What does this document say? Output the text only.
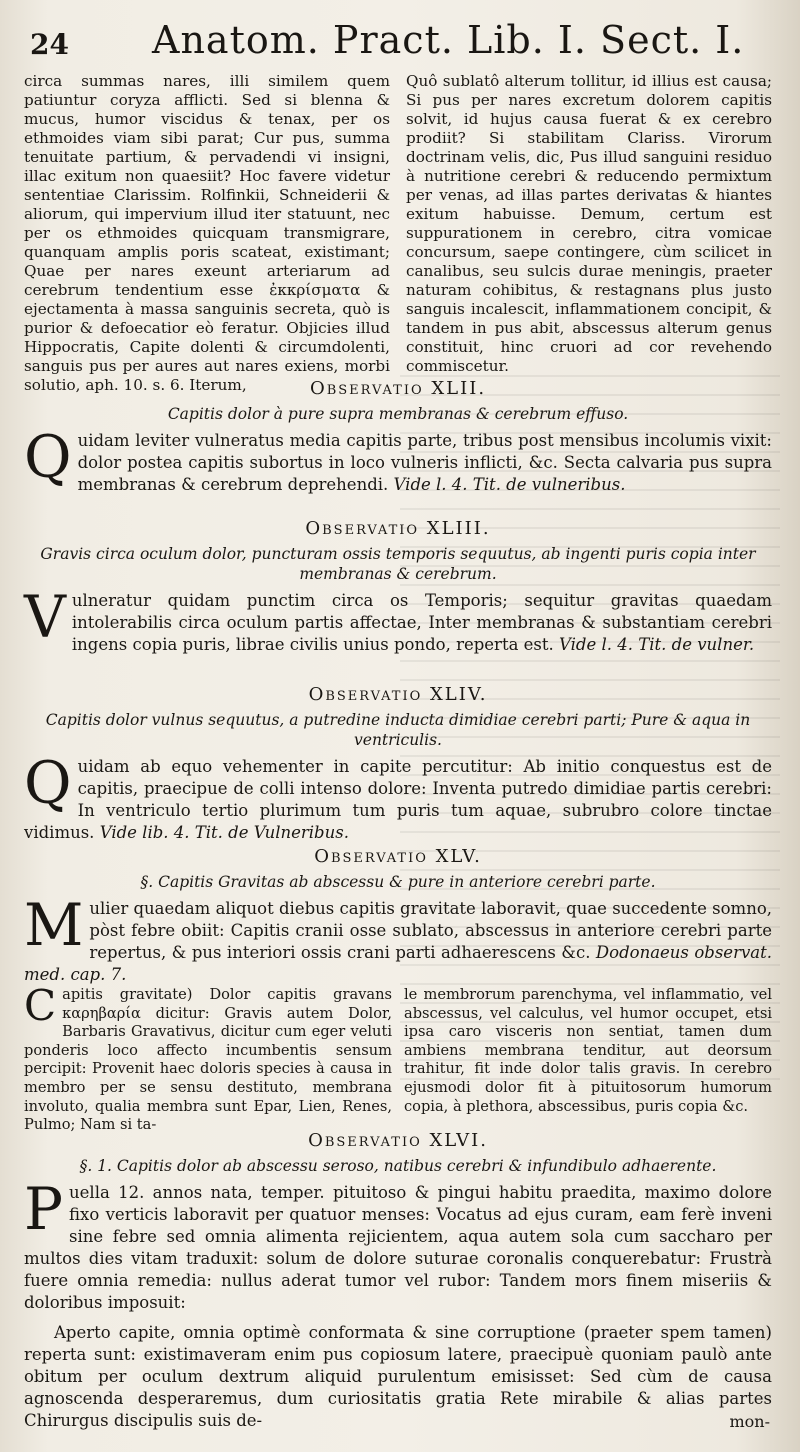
24 Anatom. Pract. Lib. I. Sect. I.

circa summas nares, illi similem quem patiuntur coryza afflicti. Sed si blenna & mucus, humor viscidus & tenax, per os ethmoides viam sibi parat; Cur pus, summa tenuitate partium, & pervadendi vi insigni, illac exitum non quaesiit? Hoc favere videtur sententiae Clarissim. Rolfinkii, Schneiderii & aliorum, qui impervium illud iter statuunt, nec per os ethmoides quicquam transmigrare, quanquam amplis poris scateat, existimant; Quae per nares exeunt arteriarum ad cerebrum tendentium esse ἐκκρίσματα & ejectamenta à massa sanguinis secreta, quò is purior & defoecatior eò feratur. Objicies illud Hippocratis, Capite dolenti & circumdolenti, sanguis pus per aures aut nares exiens, morbi solutio, aph. 10. s. 6. Iterum,

Quô sublatô alterum tollitur, id illius est causa; Si pus per nares excretum dolorem capitis solvit, id hujus causa fuerat & ex cerebro prodiit? Si stabilitam Clariss. Virorum doctrinam velis, dic, Pus illud sanguini residuo à nutritione cerebri & reducendo permixtum per venas, ad illas partes derivatas & hiantes exitum habuisse. Demum, certum est suppurationem in cerebro, citra vomicae concursum, saepe contingere, cùm scilicet in canalibus, seu sulcis durae meningis, praeter naturam cohibitus, & restagnans plus justo sanguis incalescit, inflammationem concipit, & tandem in pus abit, abscessus alterum genus constituit, hinc cruori ad cor revehendo commiscetur.

Observatio XLII.
Capitis dolor à pure supra membranas & cerebrum effuso.
Quidam leviter vulneratus media capitis parte, tribus post mensibus incolumis vixit: dolor postea capitis subortus in loco vulneris inflicti, &c. Secta calvaria pus supra membranas & cerebrum deprehendi. Vide l. 4. Tit. de vulneribus.
Observatio XLIII.
Gravis circa oculum dolor, puncturam ossis temporis sequutus, ab ingenti puris copia inter membranas & cerebrum.
Vulneratur quidam punctim circa os Temporis; sequitur gravitas quaedam intolerabilis circa oculum partis affectae, Inter membranas & substantiam cerebri ingens copia puris, librae civilis unius pondo, reperta est. Vide l. 4. Tit. de vulner.
Observatio XLIV.
Capitis dolor vulnus sequutus, a putredine inducta dimidiae cerebri parti; Pure & aqua in ventriculis.
Quidam ab equo vehementer in capite percutitur: Ab initio conquestus est de capitis, praecipue de colli intenso dolore: Inventa putredo dimidiae partis cerebri: In ventriculo tertio plurimum tum puris tum aquae, subrubro colore tinctae vidimus. Vide lib. 4. Tit. de Vulneribus.
Observatio XLV.
§. Capitis Gravitas ab abscessu & pure in anteriore cerebri parte.
Mulier quaedam aliquot diebus capitis gravitate laboravit, quae succedente somno, pòst febre obiit: Capitis cranii osse sublato, abscessus in anteriore cerebri parte repertus, & pus interiori ossis crani parti adhaerescens &c. Dodonaeus observat. med. cap. 7.
Capitis gravitate) Dolor capitis gravans καρηβαρία dicitur: Gravis autem Dolor, Barbaris Gravativus, dicitur cum eger veluti ponderis loco affecto incumbentis sensum percipit: Provenit haec doloris species à causa in membro per se sensu destituto, membrana involuto, qualia membra sunt Epar, Lien, Renes, Pulmo; Nam si ta-
le membrorum parenchyma, vel inflammatio, vel abscessus, vel calculus, vel humor occupet, etsi ipsa caro visceris non sentiat, tamen dum ambiens membrana tenditur, aut deorsum trahitur, fit inde dolor talis gravis. In cerebro ejusmodi dolor fit à pituitosorum humorum copia, à plethora, abscessibus, puris copia &c.
Observatio XLVI.
§. 1. Capitis dolor ab abscessu seroso, natibus cerebri & infundibulo adhaerente.
Puella 12. annos nata, temper. pituitoso & pingui habitu praedita, maximo dolore fixo verticis laboravit per quatuor menses: Vocatus ad ejus curam, eam ferè inveni sine febre sed omnia alimenta rejicientem, aqua autem sola cum saccharo per multos dies vitam traduxit: solum de dolore suturae coronalis conquerebatur: Frustrà fuere omnia remedia: nullus aderat tumor vel rubor: Tandem mors finem miseriis & doloribus imposuit:

Aperto capite, omnia optimè conformata & sine corruptione (praeter spem tamen) reperta sunt: existimaveram enim pus copiosum latere, praecipuè quoniam paulò ante obitum per oculum dextrum aliquid purulentum emisisset: Sed cùm de causa agnoscenda desperaremus, dum curiositatis gratia Rete mirabile & alias partes Chirurgus discipulis suis de-	mon-
